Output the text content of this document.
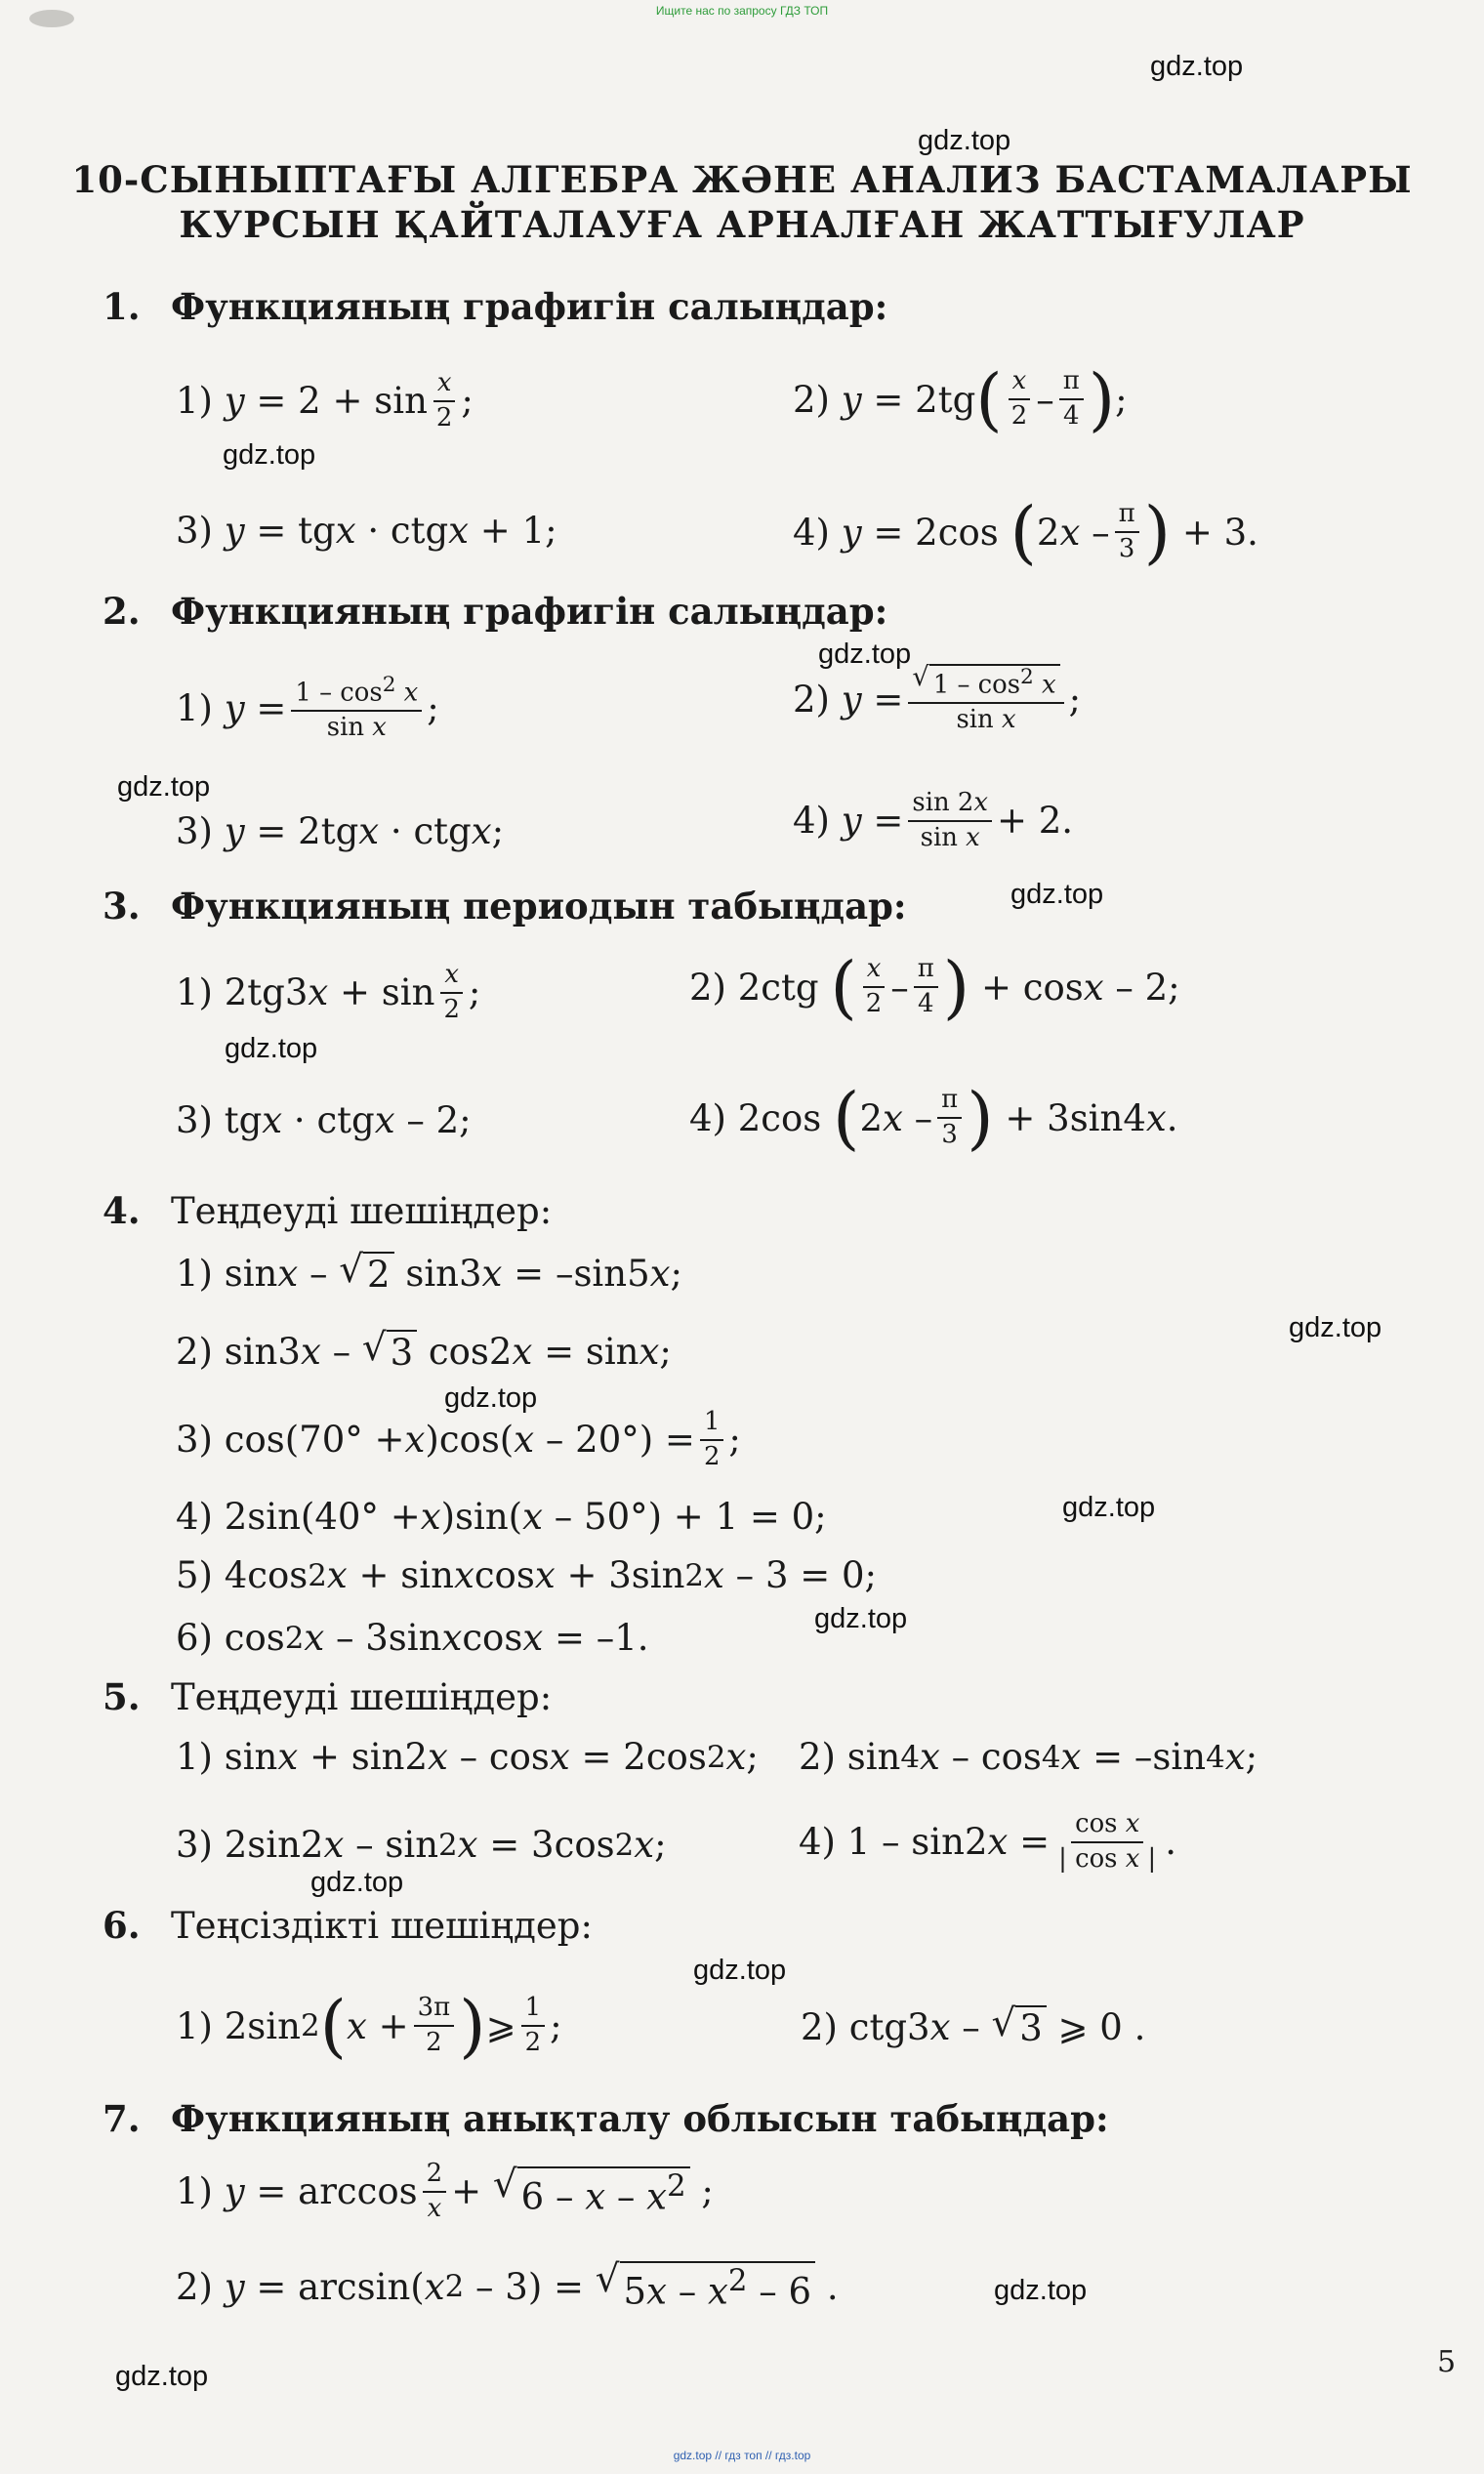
Ищите нас по запросу ГДЗ ТОП
gdz.top
gdz.top
10-СЫНЫПТАҒЫ АЛГЕБРА ЖӘНЕ АНАЛИЗ БАСТАМАЛАРЫ
КУРСЫН ҚАЙТАЛАУҒА АРНАЛҒАН ЖАТТЫҒУЛАР
1. Функцияның графигін салыңдар:
1) $y = 2 + \sin \frac{x}{2}$ ;	2) y = 2tg ( $\frac{x}{2} - \frac{\pi}{4}$ ) ;
gdz.top
3) y = tg x · ctg x + 1;	4) y = 2cos ( 2 x – $\frac{\pi}{3}$ ) + 3.
2. Функцияның графигін салыңдар:
gdz.top
1) $y = \frac{1 - \cos^2 x}{\text{sin x}}$ ;	2) $y = \frac{√ 1 - \cos^2 x}{\text{sin x}}$ ;
gdz.top
3) y = 2tg x · ctg x ;	4) $y = \frac{\sin 2x}{\text{sin x}} + 2$.
3. Функцияның периодын табыңдар:	gdz.top
1) 2tg3 $x + \sin \frac{x}{2}$ ;	2) 2ctg ( $\frac{x}{2} - \frac{\pi}{4}$ ) + cos x – 2;
gdz.top
3) tg x · ctg x – 2;	4) 2cos ( 2 x – $\frac{\pi}{3}$ ) + 3sin4 x .
4. Теңдеуді шешіңдер:
1) sin x – √ 2 sin3 x = –sin5 x ;
gdz.top
2) sin3 x – √ 3 cos2 x = sin x ;
gdz.top
3) cos(70° + x )cos( $x - 20^\circ) = \frac{1}{2}$ ;
gdz.top
4) 2sin(40° + x )sin( x – 50°) + 1 = 0;
5) 4cos 2 x + sin x cos x + 3sin 2 x – 3 = 0;
gdz.top
6) cos 2 x – 3sin x cos x = –1.
5. Теңдеуді шешіңдер:
1) sin x + sin2 x – cos x = 2cos 2 x ; 2) sin 4 x – cos 4 x = –sin 4 x ;
3) 2sin2 x – sin 2 x = 3cos 2 x ;	4) 1 – sin2 $x = \frac{\text{cos x}}{\text{| cos x |}}$ .
gdz.top
6. Теңсіздікті шешіңдер:
gdz.top
1) 2sin 2 ( $x + \frac{3\pi}{2}$ ) ⩾ $\frac{1}{2}$ ;	2) ctg3 x – √ 3 ⩾ 0 .
7. Функцияның анықталу облысын табыңдар:
1) $y = \arccos \frac{2}{x}$ + √ 6 – x – $x^2$ ;
2) y = arcsin( x 2 – 3) = √ $5x - x^2 - 6$ .	gdz.top
gdz.top	5
gdz.top // гдз топ // гдз.top
